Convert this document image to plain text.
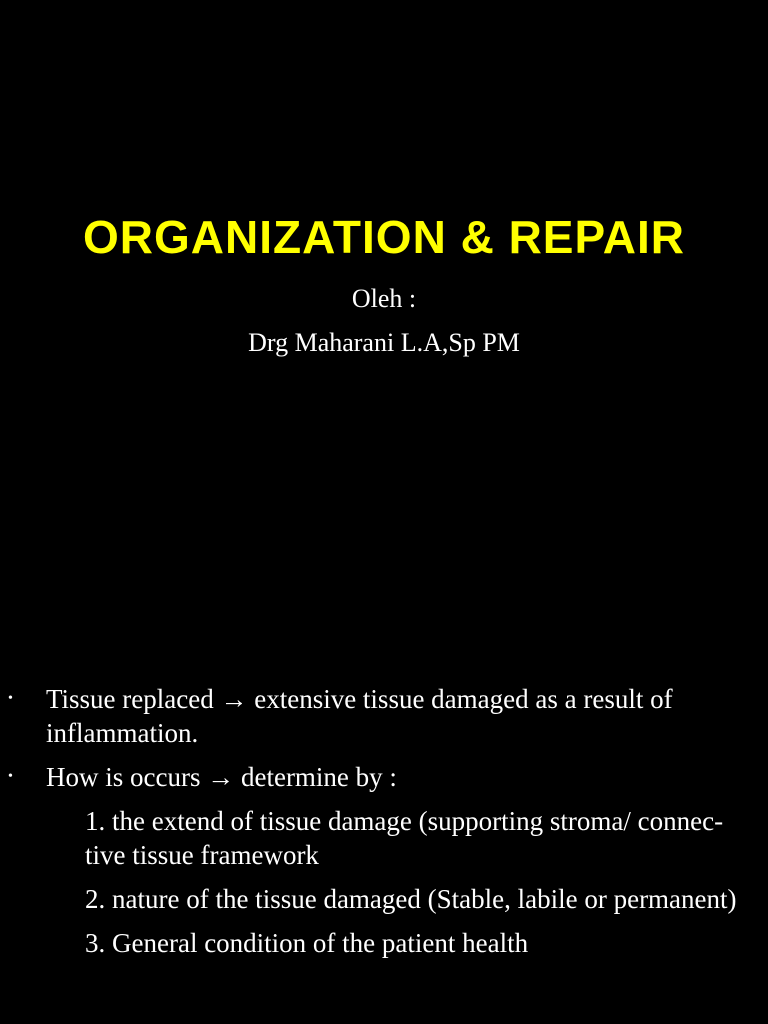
ORGANIZATION & REPAIR
Oleh :
Drg Maharani L.A,Sp PM
• Tissue replaced → extensive tissue damaged as a result of inflammation.
• How is occurs → determine by :
1. the extend of tissue damage (supporting stroma/ connec-tive tissue framework
2. nature of the tissue damaged (Stable, labile or permanent)
3. General condition of the patient health
